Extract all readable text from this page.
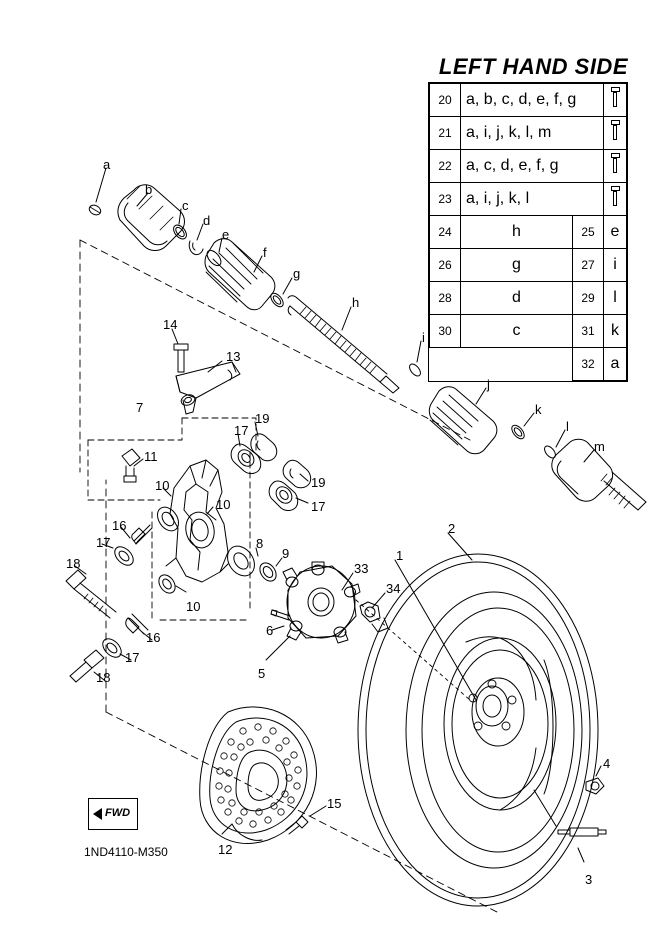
LEFT HAND SIDE
20	a, b, c, d, e, f, g		
21	a, i, j, k, l, m		
22	a, c, d, e, f, g		
23	a, i, j, k, l		
24	h	25	e
26	g	27	i
28	d	29	l
30	c	31	k
		32	a
a
b
c
d
e
f
g
h
i
j
k
l
m
14
13
7
19
17
11
10
10
19
17
16
17
18
8
9
10
16
17
18
33
34
1
2
6
5
4
3
15
12
FWD
1ND4110-M350
